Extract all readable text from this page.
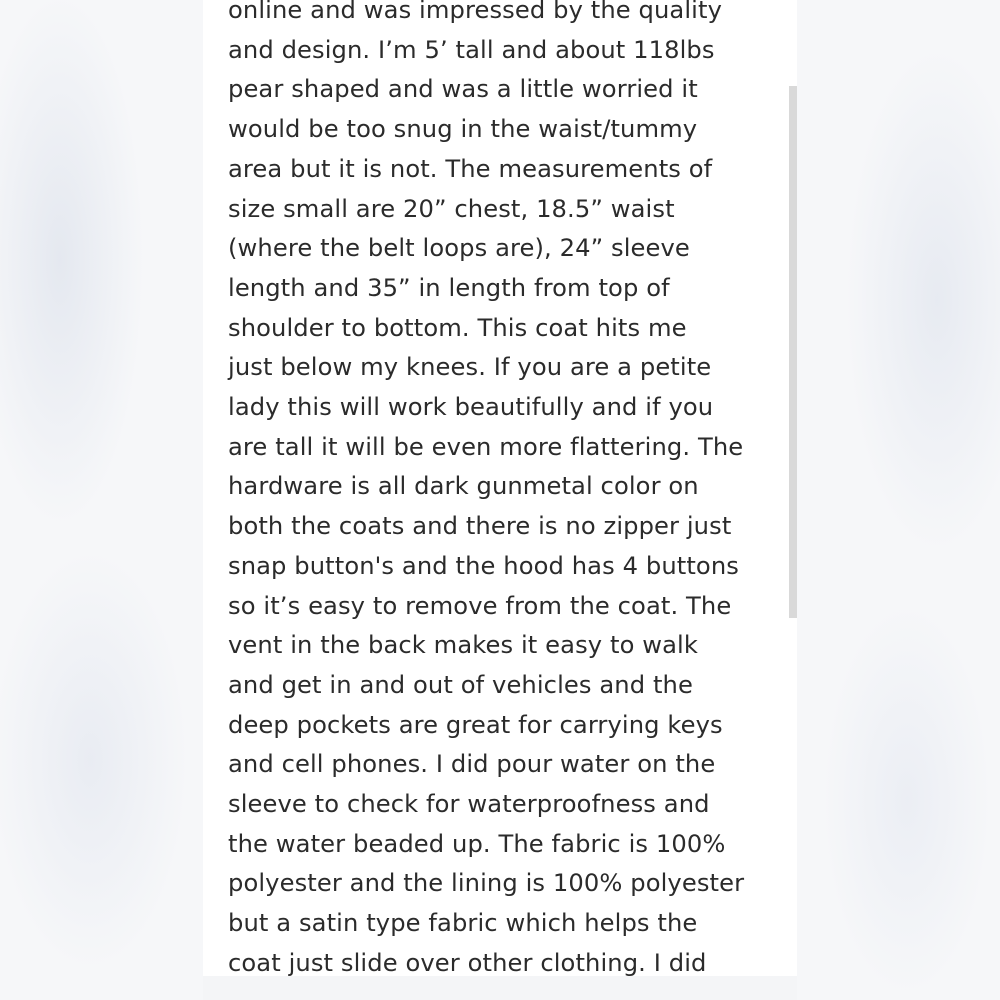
online and was impressed by the quality
and design. I’m 5’ tall and about 118lbs
pear shaped and was a little worried it
would be too snug in the waist/tummy
area but it is not. The measurements of
size small are 20” chest, 18.5” waist
(where the belt loops are), 24” sleeve
length and 35” in length from top of
shoulder to bottom. This coat hits me
just below my knees. If you are a petite
lady this will work beautifully and if you
are tall it will be even more flattering. The
hardware is all dark gunmetal color on
both the coats and there is no zipper just
snap button's and the hood has 4 buttons
so it’s easy to remove from the coat. The
vent in the back makes it easy to walk
and get in and out of vehicles and the
deep pockets are great for carrying keys
and cell phones. I did pour water on the
sleeve to check for waterproofness and
the water beaded up. The fabric is 100%
polyester and the lining is 100% polyester
but a satin type fabric which helps the
coat just slide over other clothing. I did
